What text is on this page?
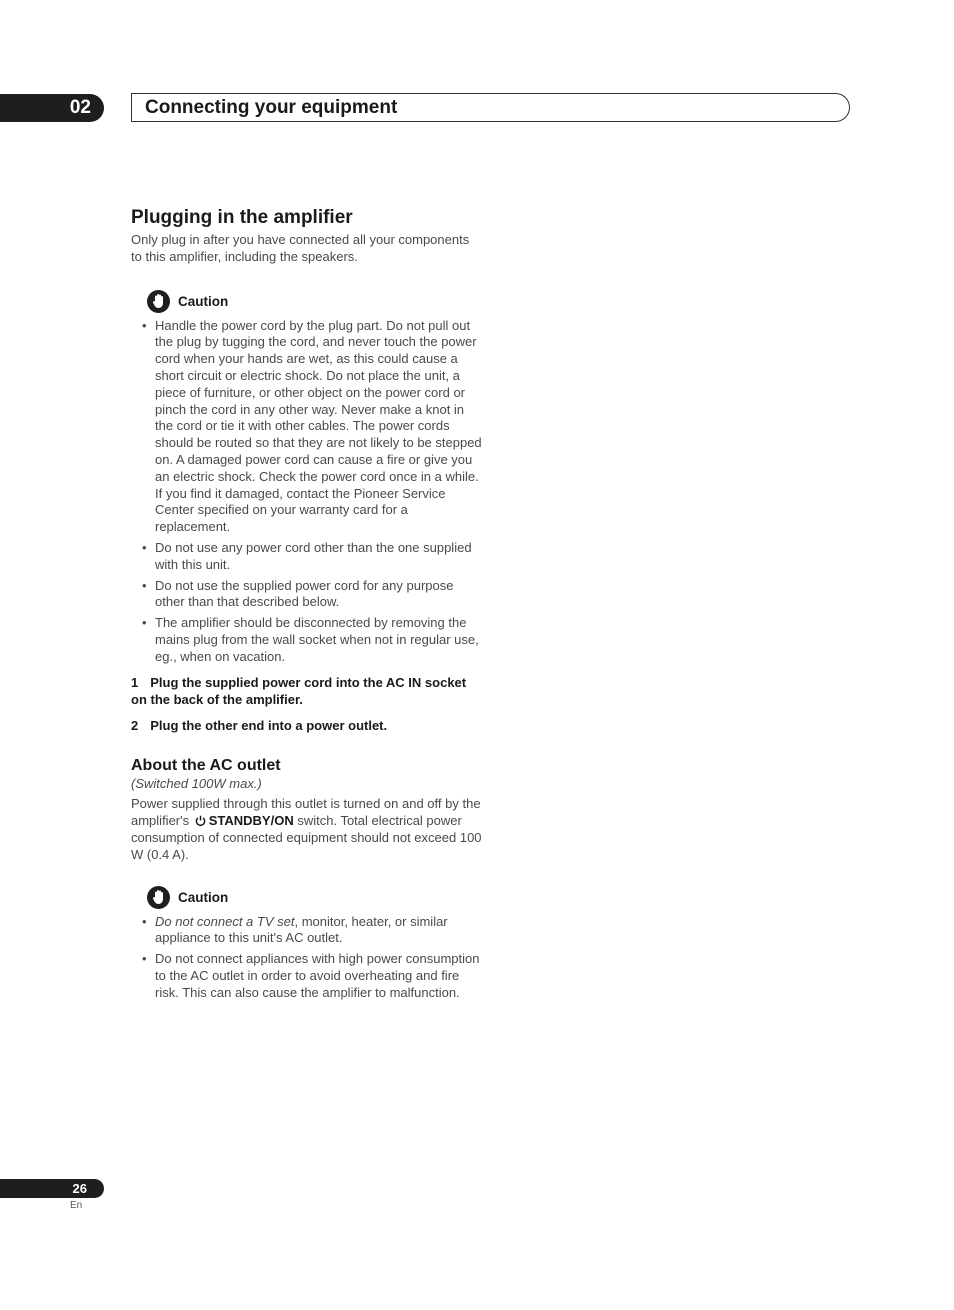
02	Connecting your equipment
Plugging in the amplifier

Only plug in after you have connected all your components to this amplifier, including the speakers.

Caution
• Handle the power cord by the plug part. Do not pull out the plug by tugging the cord, and never touch the power cord when your hands are wet, as this could cause a short circuit or electric shock. Do not place the unit, a piece of furniture, or other object on the power cord or pinch the cord in any other way. Never make a knot in the cord or tie it with other cables. The power cords should be routed so that they are not likely to be stepped on. A damaged power cord can cause a fire or give you an electric shock. Check the power cord once in a while. If you find it damaged, contact the Pioneer Service Center specified on your warranty card for a replacement.
• Do not use any power cord other than the one supplied with this unit.
• Do not use the supplied power cord for any purpose other than that described below.
• The amplifier should be disconnected by removing the mains plug from the wall socket when not in regular use, eg., when on vacation.
1 Plug the supplied power cord into the AC IN socket on the back of the amplifier.
2 Plug the other end into a power outlet.
About the AC outlet

(Switched 100W max.)

Power supplied through this outlet is turned on and off by the amplifier's STANDBY/ON switch. Total electrical power consumption of connected equipment should not exceed 100 W (0.4 A).

Caution
• Do not connect a TV set, monitor, heater, or similar appliance to this unit's AC outlet.
• Do not connect appliances with high power consumption to the AC outlet in order to avoid overheating and fire risk. This can also cause the amplifier to malfunction.
26
En
